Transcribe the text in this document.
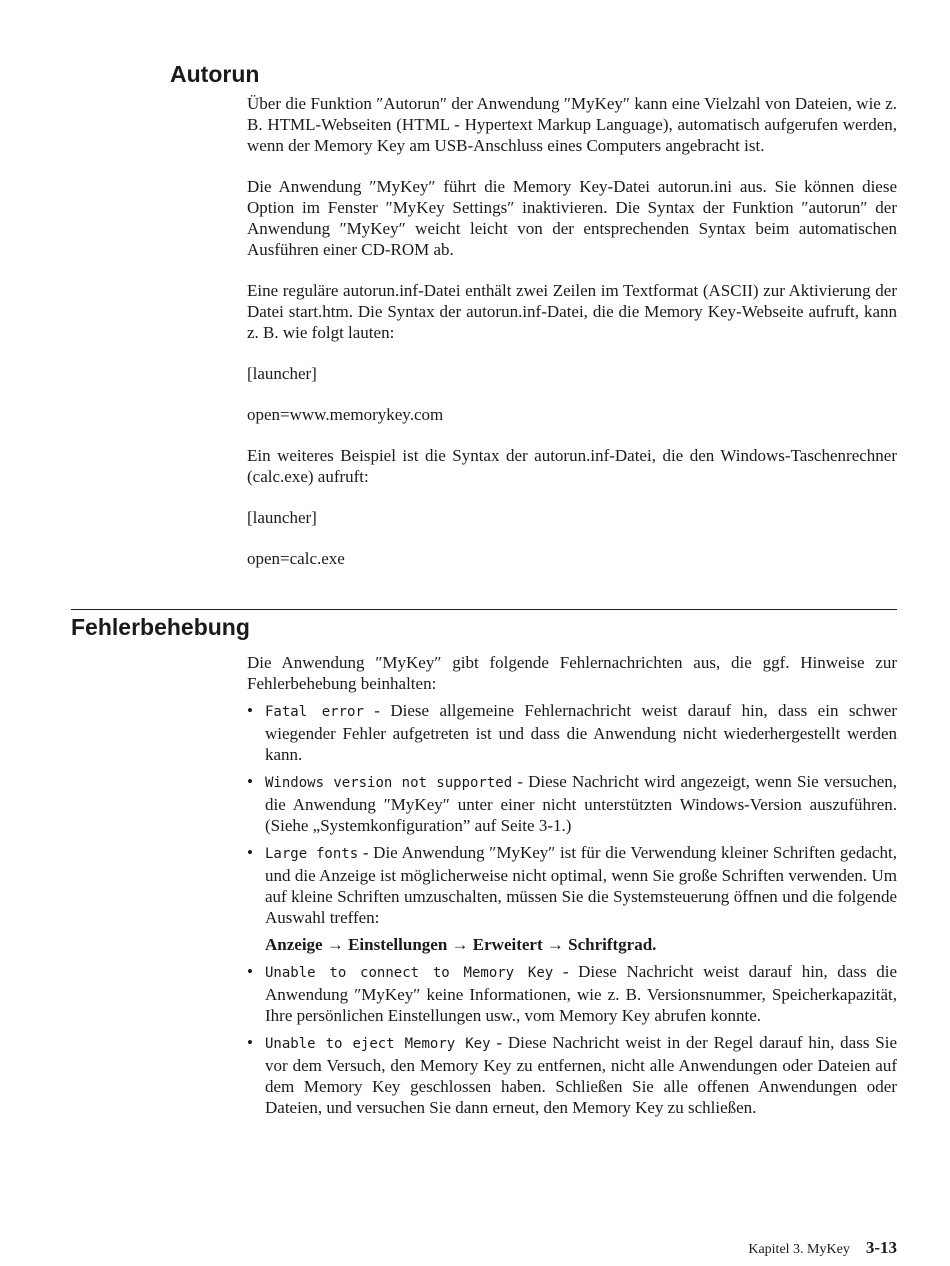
Autorun

Über die Funktion ″Autorun″ der Anwendung ″MyKey″ kann eine Vielzahl von Dateien, wie z. B. HTML-Webseiten (HTML - Hypertext Markup Language), automatisch aufgerufen werden, wenn der Memory Key am USB-Anschluss eines Computers angebracht ist.

Die Anwendung ″MyKey″ führt die Memory Key-Datei autorun.ini aus. Sie können diese Option im Fenster ″MyKey Settings″ inaktivieren. Die Syntax der Funktion ″autorun″ der Anwendung ″MyKey″ weicht leicht von der entsprechenden Syntax beim automatischen Ausführen einer CD-ROM ab.

Eine reguläre autorun.inf-Datei enthält zwei Zeilen im Textformat (ASCII) zur Aktivierung der Datei start.htm. Die Syntax der autorun.inf-Datei, die die Memory Key-Webseite aufruft, kann z. B. wie folgt lauten:

[launcher]

open=www.memorykey.com

Ein weiteres Beispiel ist die Syntax der autorun.inf-Datei, die den Windows-Taschenrechner (calc.exe) aufruft:

[launcher]

open=calc.exe

Fehlerbehebung

Die Anwendung ″MyKey″ gibt folgende Fehlernachrichten aus, die ggf. Hinweise zur Fehlerbehebung beinhalten:

• Fatal error - Diese allgemeine Fehlernachricht weist darauf hin, dass ein schwer wiegender Fehler aufgetreten ist und dass die Anwendung nicht wiederhergestellt werden kann.
• Windows version not supported - Diese Nachricht wird angezeigt, wenn Sie versuchen, die Anwendung ″MyKey″ unter einer nicht unterstützten Windows-Version auszuführen. (Siehe „Systemkonfiguration” auf Seite 3-1.)
• Large fonts - Die Anwendung ″MyKey″ ist für die Verwendung kleiner Schriften gedacht, und die Anzeige ist möglicherweise nicht optimal, wenn Sie große Schriften verwenden. Um auf kleine Schriften umzuschalten, müssen Sie die Systemsteuerung öffnen und die folgende Auswahl treffen:
Anzeige → Einstellungen → Erweitert → Schriftgrad.
• Unable to connect to Memory Key - Diese Nachricht weist darauf hin, dass die Anwendung ″MyKey″ keine Informationen, wie z. B. Versionsnummer, Speicherkapazität, Ihre persönlichen Einstellungen usw., vom Memory Key abrufen konnte.
• Unable to eject Memory Key - Diese Nachricht weist in der Regel darauf hin, dass Sie vor dem Versuch, den Memory Key zu entfernen, nicht alle Anwendungen oder Dateien auf dem Memory Key geschlossen haben. Schließen Sie alle offenen Anwendungen oder Dateien, und versuchen Sie dann erneut, den Memory Key zu schließen.
Kapitel 3. MyKey 3-13
